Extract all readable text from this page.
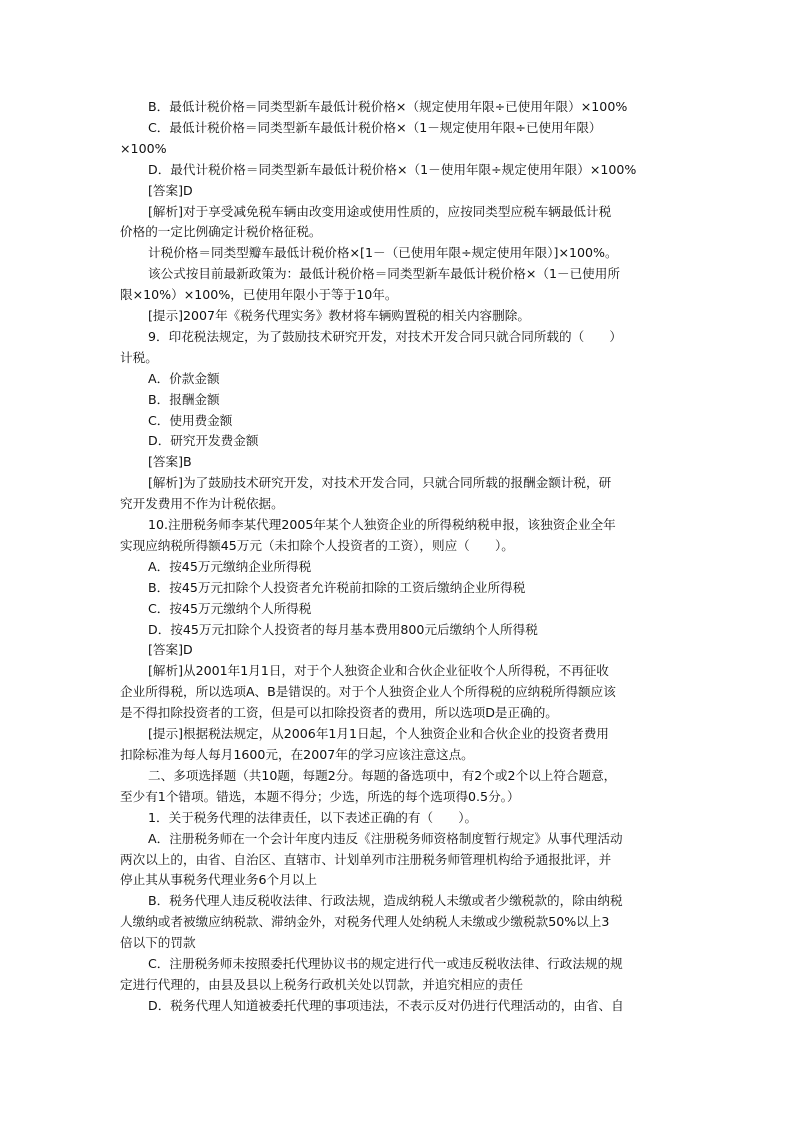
B．最低计税价格＝同类型新车最低计税价格×（规定使用年限÷已使用年限）×100%
C．最低计税价格＝同类型新车最低计税价格×（1－规定使用年限÷已使用年限）
×100%
D．最代计税价格＝同类型新车最低计税价格×（1－使用年限÷规定使用年限）×100%
[答案]D
[解析]对于享受减免税车辆由改变用途或使用性质的，应按同类型应税车辆最低计税
价格的一定比例确定计税价格征税。
计税价格＝同类型瓣车最低计税价格×[1－（已使用年限÷规定使用年限）]×100%。
该公式按目前最新政策为：最低计税价格＝同类型新车最低计税价格×（1－已使用所
限×10%）×100%，已使用年限小于等于10年。
[提示]2007年《税务代理实务》教材将车辆购置税的相关内容删除。
9．印花税法规定，为了鼓励技术研究开发，对技术开发合同只就合同所载的（　　）
计税。
A．价款金额
B．报酬金额
C．使用费金额
D．研究开发费金额
[答案]B
[解析]为了鼓励技术研究开发，对技术开发合同，只就合同所载的报酬金额计税，研
究开发费用不作为计税依据。
10.注册税务师李某代理2005年某个人独资企业的所得税纳税申报，该独资企业全年
实现应纳税所得额45万元（未扣除个人投资者的工资），则应（　　）。
A．按45万元缴纳企业所得税
B．按45万元扣除个人投资者允许税前扣除的工资后缴纳企业所得税
C．按45万元缴纳个人所得税
D．按45万元扣除个人投资者的每月基本费用800元后缴纳个人所得税
[答案]D
[解析]从2001年1月1日，对于个人独资企业和合伙企业征收个人所得税，不再征收
企业所得税，所以选项A、B是错误的。对于个人独资企业人个所得税的应纳税所得额应该
是不得扣除投资者的工资，但是可以扣除投资者的费用，所以选项D是正确的。
[提示]根据税法规定，从2006年1月1日起，个人独资企业和合伙企业的投资者费用
扣除标准为每人每月1600元，在2007年的学习应该注意这点。
二、多项选择题（共10题，每题2分。每题的备选项中，有2个或2个以上符合题意，
至少有1个错项。错选，本题不得分；少选，所选的每个选项得0.5分。）
1．关于税务代理的法律责任，以下表述正确的有（　　）。
A．注册税务师在一个会计年度内违反《注册税务师资格制度暂行规定》从事代理活动
两次以上的，由省、自治区、直辖市、计划单列市注册税务师管理机构给予通报批评，并
停止其从事税务代理业务6个月以上
B．税务代理人违反税收法律、行政法规，造成纳税人未缴或者少缴税款的，除由纳税
人缴纳或者被缴应纳税款、滞纳金外，对税务代理人处纳税人未缴或少缴税款50%以上3
倍以下的罚款
C．注册税务师未按照委托代理协议书的规定进行代一或违反税收法律、行政法规的规
定进行代理的，由县及县以上税务行政机关处以罚款，并追究相应的责任
D．税务代理人知道被委托代理的事项违法，不表示反对仍进行代理活动的，由省、自
